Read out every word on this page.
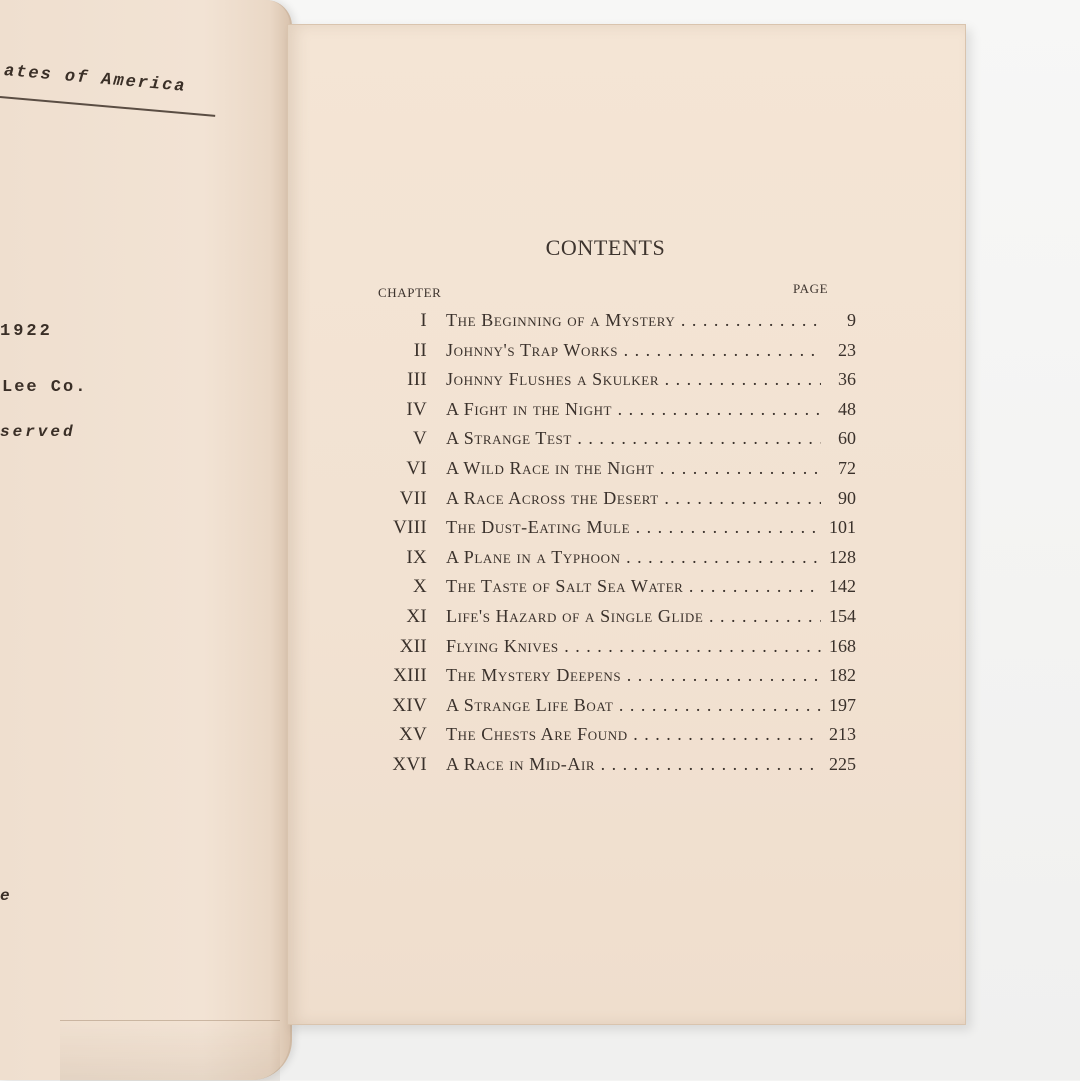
ates of America
1922
Lee Co.
served
e
CONTENTS
CHAPTER	PAGE
I The Beginning of a Mystery . . .	9
II Johnny's Trap Works . . .	23
III Johnny Flushes a Skulker . . .	36
IV A Fight in the Night . . .	48
V A Strange Test . . .	60
VI A Wild Race in the Night . . .	72
VII A Race Across the Desert . . .	90
VIII The Dust-Eating Mule . . .	101
IX A Plane in a Typhoon . . .	128
X The Taste of Salt Sea Water . . .	142
XI Life's Hazard of a Single Glide . . .	154
XII Flying Knives . . .	168
XIII The Mystery Deepens . . .	182
XIV A Strange Life Boat . . .	197
XV The Chests Are Found . . .	213
XVI A Race in Mid-Air . . .	225
